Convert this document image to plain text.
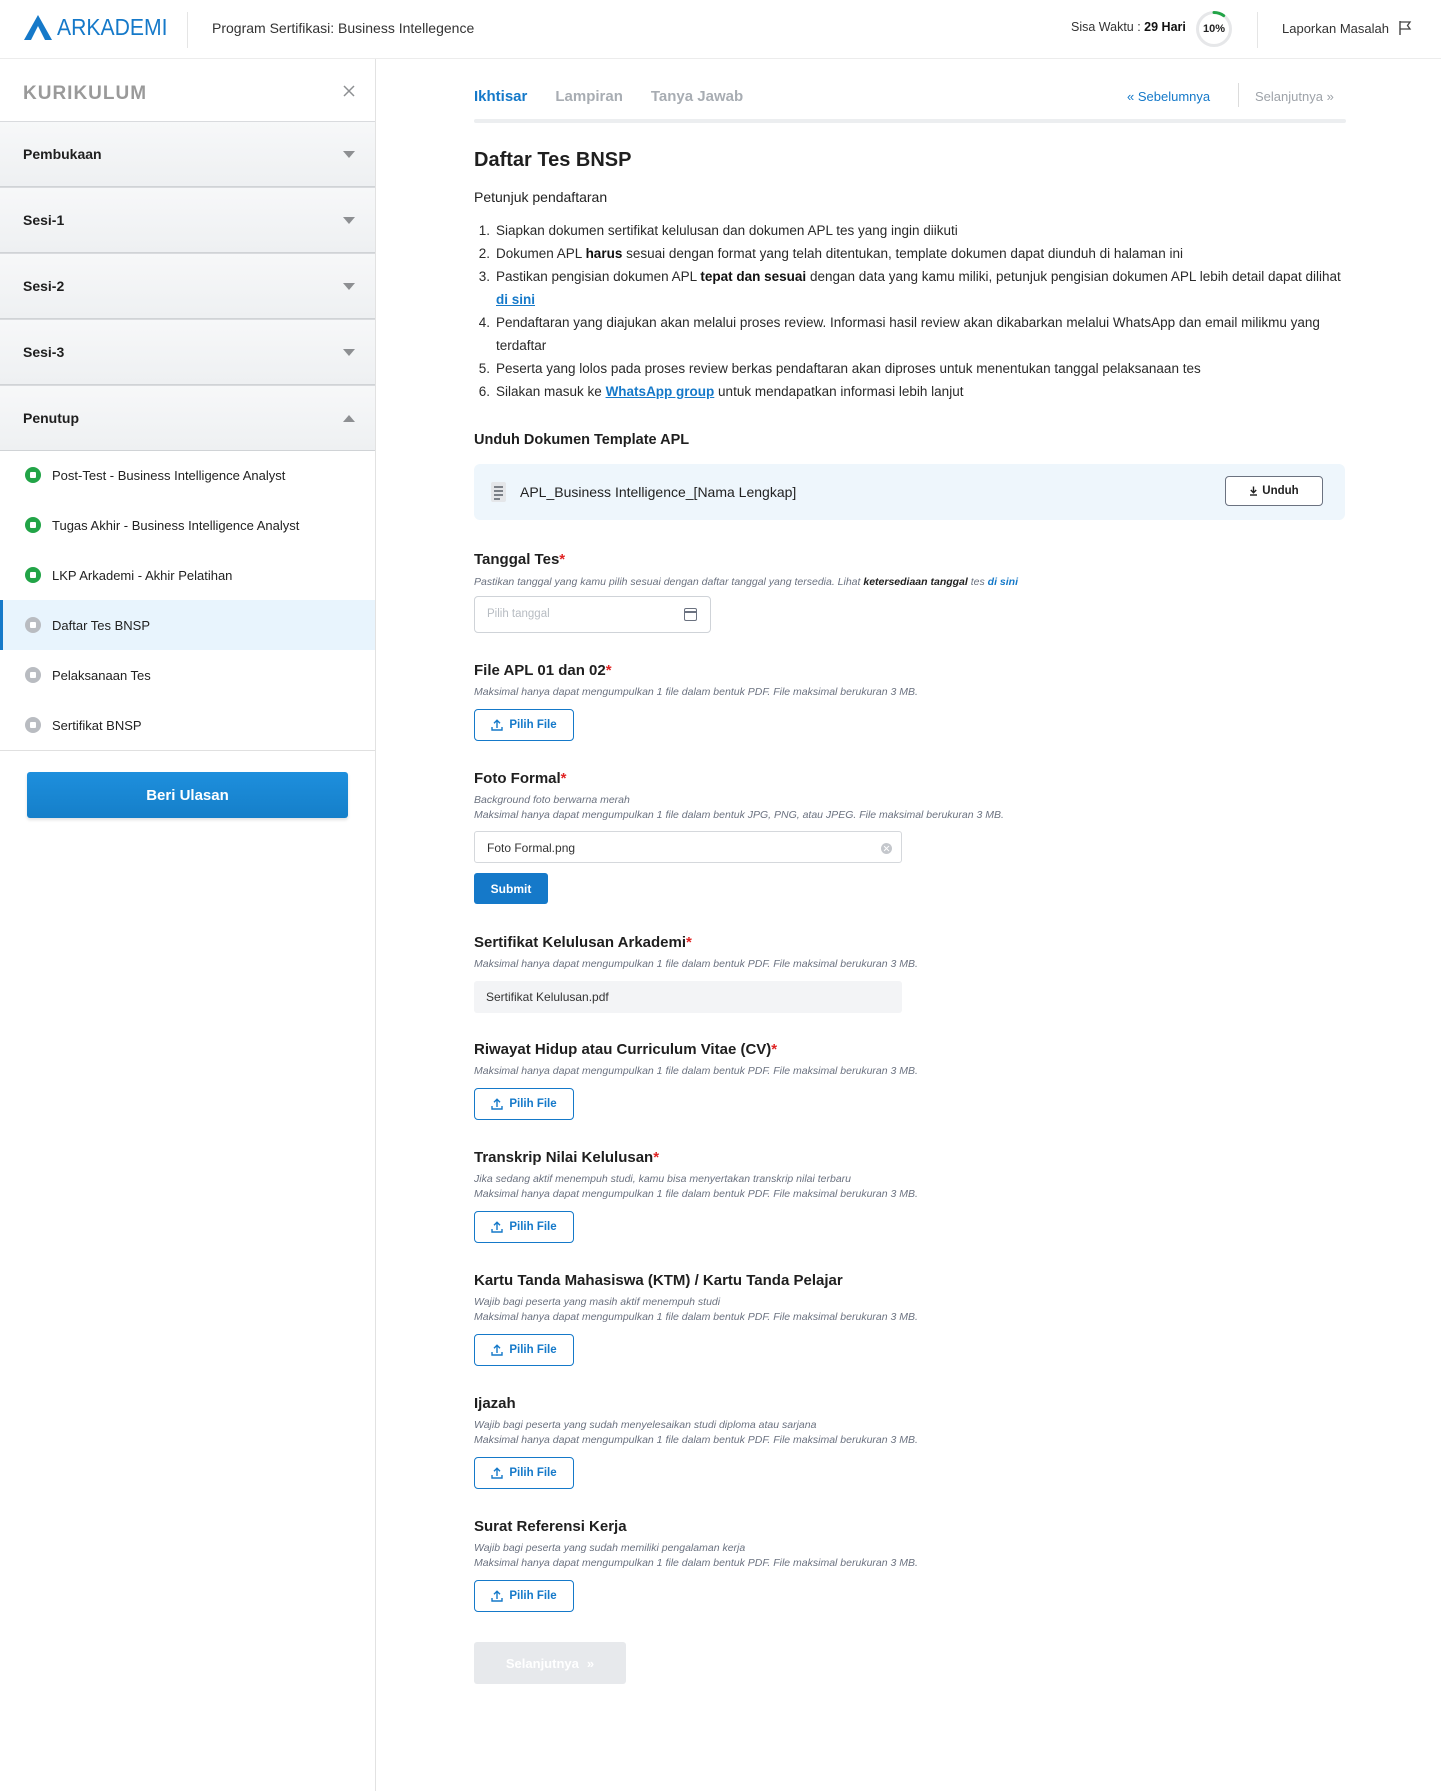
ARKADEMI	Program Sertifikasi: Business Intellegence	Sisa Waktu : 29 Hari	10%	Laporkan Masalah
KURIKULUM
Pembukaan
Sesi-1
Sesi-2
Sesi-3
Penutup
Post-Test - Business Intelligence Analyst
Tugas Akhir - Business Intelligence Analyst
LKP Arkademi - Akhir Pelatihan
Daftar Tes BNSP
Pelaksanaan Tes
Sertifikat BNSP
Beri Ulasan
Ikhtisar Lampiran Tanya Jawab	« Sebelumnya	Selanjutnya »
Daftar Tes BNSP
Petunjuk pendaftaran
1. Siapkan dokumen sertifikat kelulusan dan dokumen APL tes yang ingin diikuti
2. Dokumen APL harus sesuai dengan format yang telah ditentukan, template dokumen dapat diunduh di halaman ini
3. Pastikan pengisian dokumen APL tepat dan sesuai dengan data yang kamu miliki, petunjuk pengisian dokumen APL lebih detail dapat dilihat di sini
4. Pendaftaran yang diajukan akan melalui proses review. Informasi hasil review akan dikabarkan melalui WhatsApp dan email milikmu yang terdaftar
5. Peserta yang lolos pada proses review berkas pendaftaran akan diproses untuk menentukan tanggal pelaksanaan tes
6. Silakan masuk ke WhatsApp group untuk mendapatkan informasi lebih lanjut
Unduh Dokumen Template APL
APL_Business Intelligence_[Nama Lengkap]	Unduh
Tanggal Tes*
Pastikan tanggal yang kamu pilih sesuai dengan daftar tanggal yang tersedia. Lihat ketersediaan tanggal tes di sini
Pilih tanggal
File APL 01 dan 02*
Maksimal hanya dapat mengumpulkan 1 file dalam bentuk PDF. File maksimal berukuran 3 MB.
Pilih File
Foto Formal*
Background foto berwarna merah
Maksimal hanya dapat mengumpulkan 1 file dalam bentuk JPG, PNG, atau JPEG. File maksimal berukuran 3 MB.
Foto Formal.png
Submit
Sertifikat Kelulusan Arkademi*
Maksimal hanya dapat mengumpulkan 1 file dalam bentuk PDF. File maksimal berukuran 3 MB.
Sertifikat Kelulusan.pdf
Riwayat Hidup atau Curriculum Vitae (CV)*
Maksimal hanya dapat mengumpulkan 1 file dalam bentuk PDF. File maksimal berukuran 3 MB.
Pilih File
Transkrip Nilai Kelulusan*
Jika sedang aktif menempuh studi, kamu bisa menyertakan transkrip nilai terbaru
Maksimal hanya dapat mengumpulkan 1 file dalam bentuk PDF. File maksimal berukuran 3 MB.
Pilih File
Kartu Tanda Mahasiswa (KTM) / Kartu Tanda Pelajar
Wajib bagi peserta yang masih aktif menempuh studi
Maksimal hanya dapat mengumpulkan 1 file dalam bentuk PDF. File maksimal berukuran 3 MB.
Pilih File
Ijazah
Wajib bagi peserta yang sudah menyelesaikan studi diploma atau sarjana
Maksimal hanya dapat mengumpulkan 1 file dalam bentuk PDF. File maksimal berukuran 3 MB.
Pilih File
Surat Referensi Kerja
Wajib bagi peserta yang sudah memiliki pengalaman kerja
Maksimal hanya dapat mengumpulkan 1 file dalam bentuk PDF. File maksimal berukuran 3 MB.
Pilih File
Selanjutnya »
